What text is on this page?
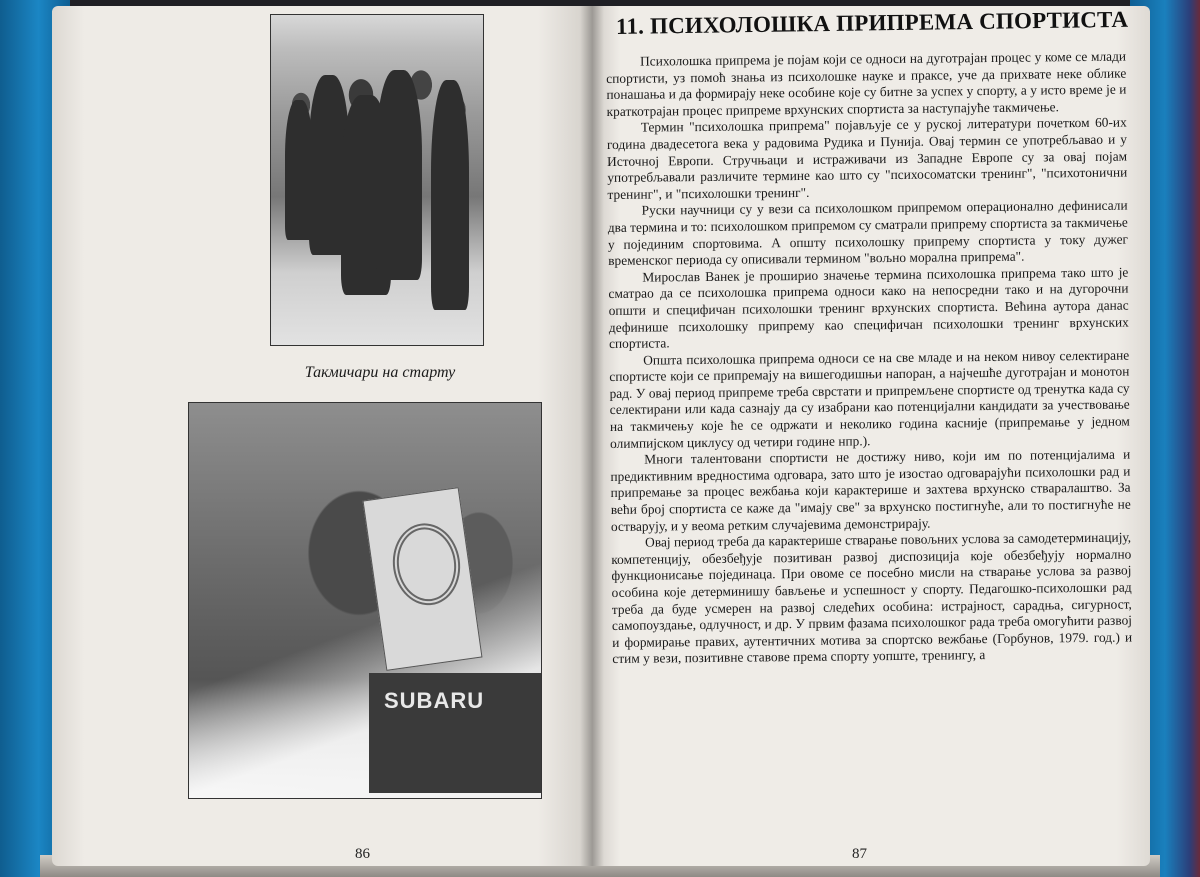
Такмичари на старту
SUBARU
86
11. ПСИХОЛОШКА ПРИПРЕМА СПОРТИСТА

Психолошка припрема је појам који се односи на дуготрајан процес у коме се млади спортисти, уз помоћ знања из психолошке науке и праксе, уче да прихвате неке облике понашања и да формирају неке особине које су битне за успех у спорту, а у исто време је и краткотрајан процес припреме врхунских спортиста за наступајуће такмичење.

Термин "психолошка припрема" појављује се у руској литератури почетком 60-их година двадесетога века у радовима Рудика и Пунија. Овај термин се употребљавао и у Источној Европи. Стручњаци и истраживачи из Западне Европе су за овај појам употребљавали различите термине као што су "психосоматски тренинг", "психотонични тренинг", и "психолошки тренинг".

Руски научници су у вези са психолошком припремом операционално дефинисали два термина и то: психолошком припремом су сматрали припрему спортиста за такмичење у појединим спортовима. А општу психолошку припрему спортиста у току дужег временског периода су описивали термином "вољно морална припрема".

Мирослав Ванек је проширио значење термина психолошка припрема тако што је сматрао да се психолошка припрема односи како на непосредни тако и на дугорочни општи и специфичан психолошки тренинг врхунских спортиста. Већина аутора данас дефинише психолошку припрему као специфичан психолошки тренинг врхунских спортиста.

Општа психолошка припрема односи се на све младе и на неком нивоу селектиране спортисте који се припремају на вишегодишњи напоран, а најчешће дуготрајан и монотон рад. У овај период припреме треба сврстати и припремљене спортисте од тренутка када су селектирани или када сазнају да су изабрани као потенцијални кандидати за учествовање на такмичењу које ће се одржати и неколико година касније (припремање у једном олимпијском циклусу од четири године нпр.).

Многи талентовани спортисти не достижу ниво, који им по потенцијалима и предиктивним вредностима одговара, зато што је изостао одговарајући психолошки рад и припремање за процес вежбања који карактерише и захтева врхунско стваралаштво. За већи број спортиста се каже да "имају све" за врхунско постигнуће, али то постигнуће не остварују, и у веома ретким случајевима демонстрирају.

Овај период треба да карактерише стварање повољних услова за самодетерминацију, компетенцију, обезбеђује позитиван развој диспозиција које обезбеђују нормално функционисање појединаца. При овоме се посебно мисли на стварање услова за развој особина које детерминишу бављење и успешност у спорту. Педагошко-психолошки рад треба да буде усмерен на развој следећих особина: истрајност, сарадња, сигурност, самопоуздање, одлучност, и др. У првим фазама психолошког рада треба омогућити развој и формирање правих, аутентичних мотива за спортско вежбање (Горбунов, 1979. год.) и стим у вези, позитивне ставове према спорту уопште, тренингу, а

87
